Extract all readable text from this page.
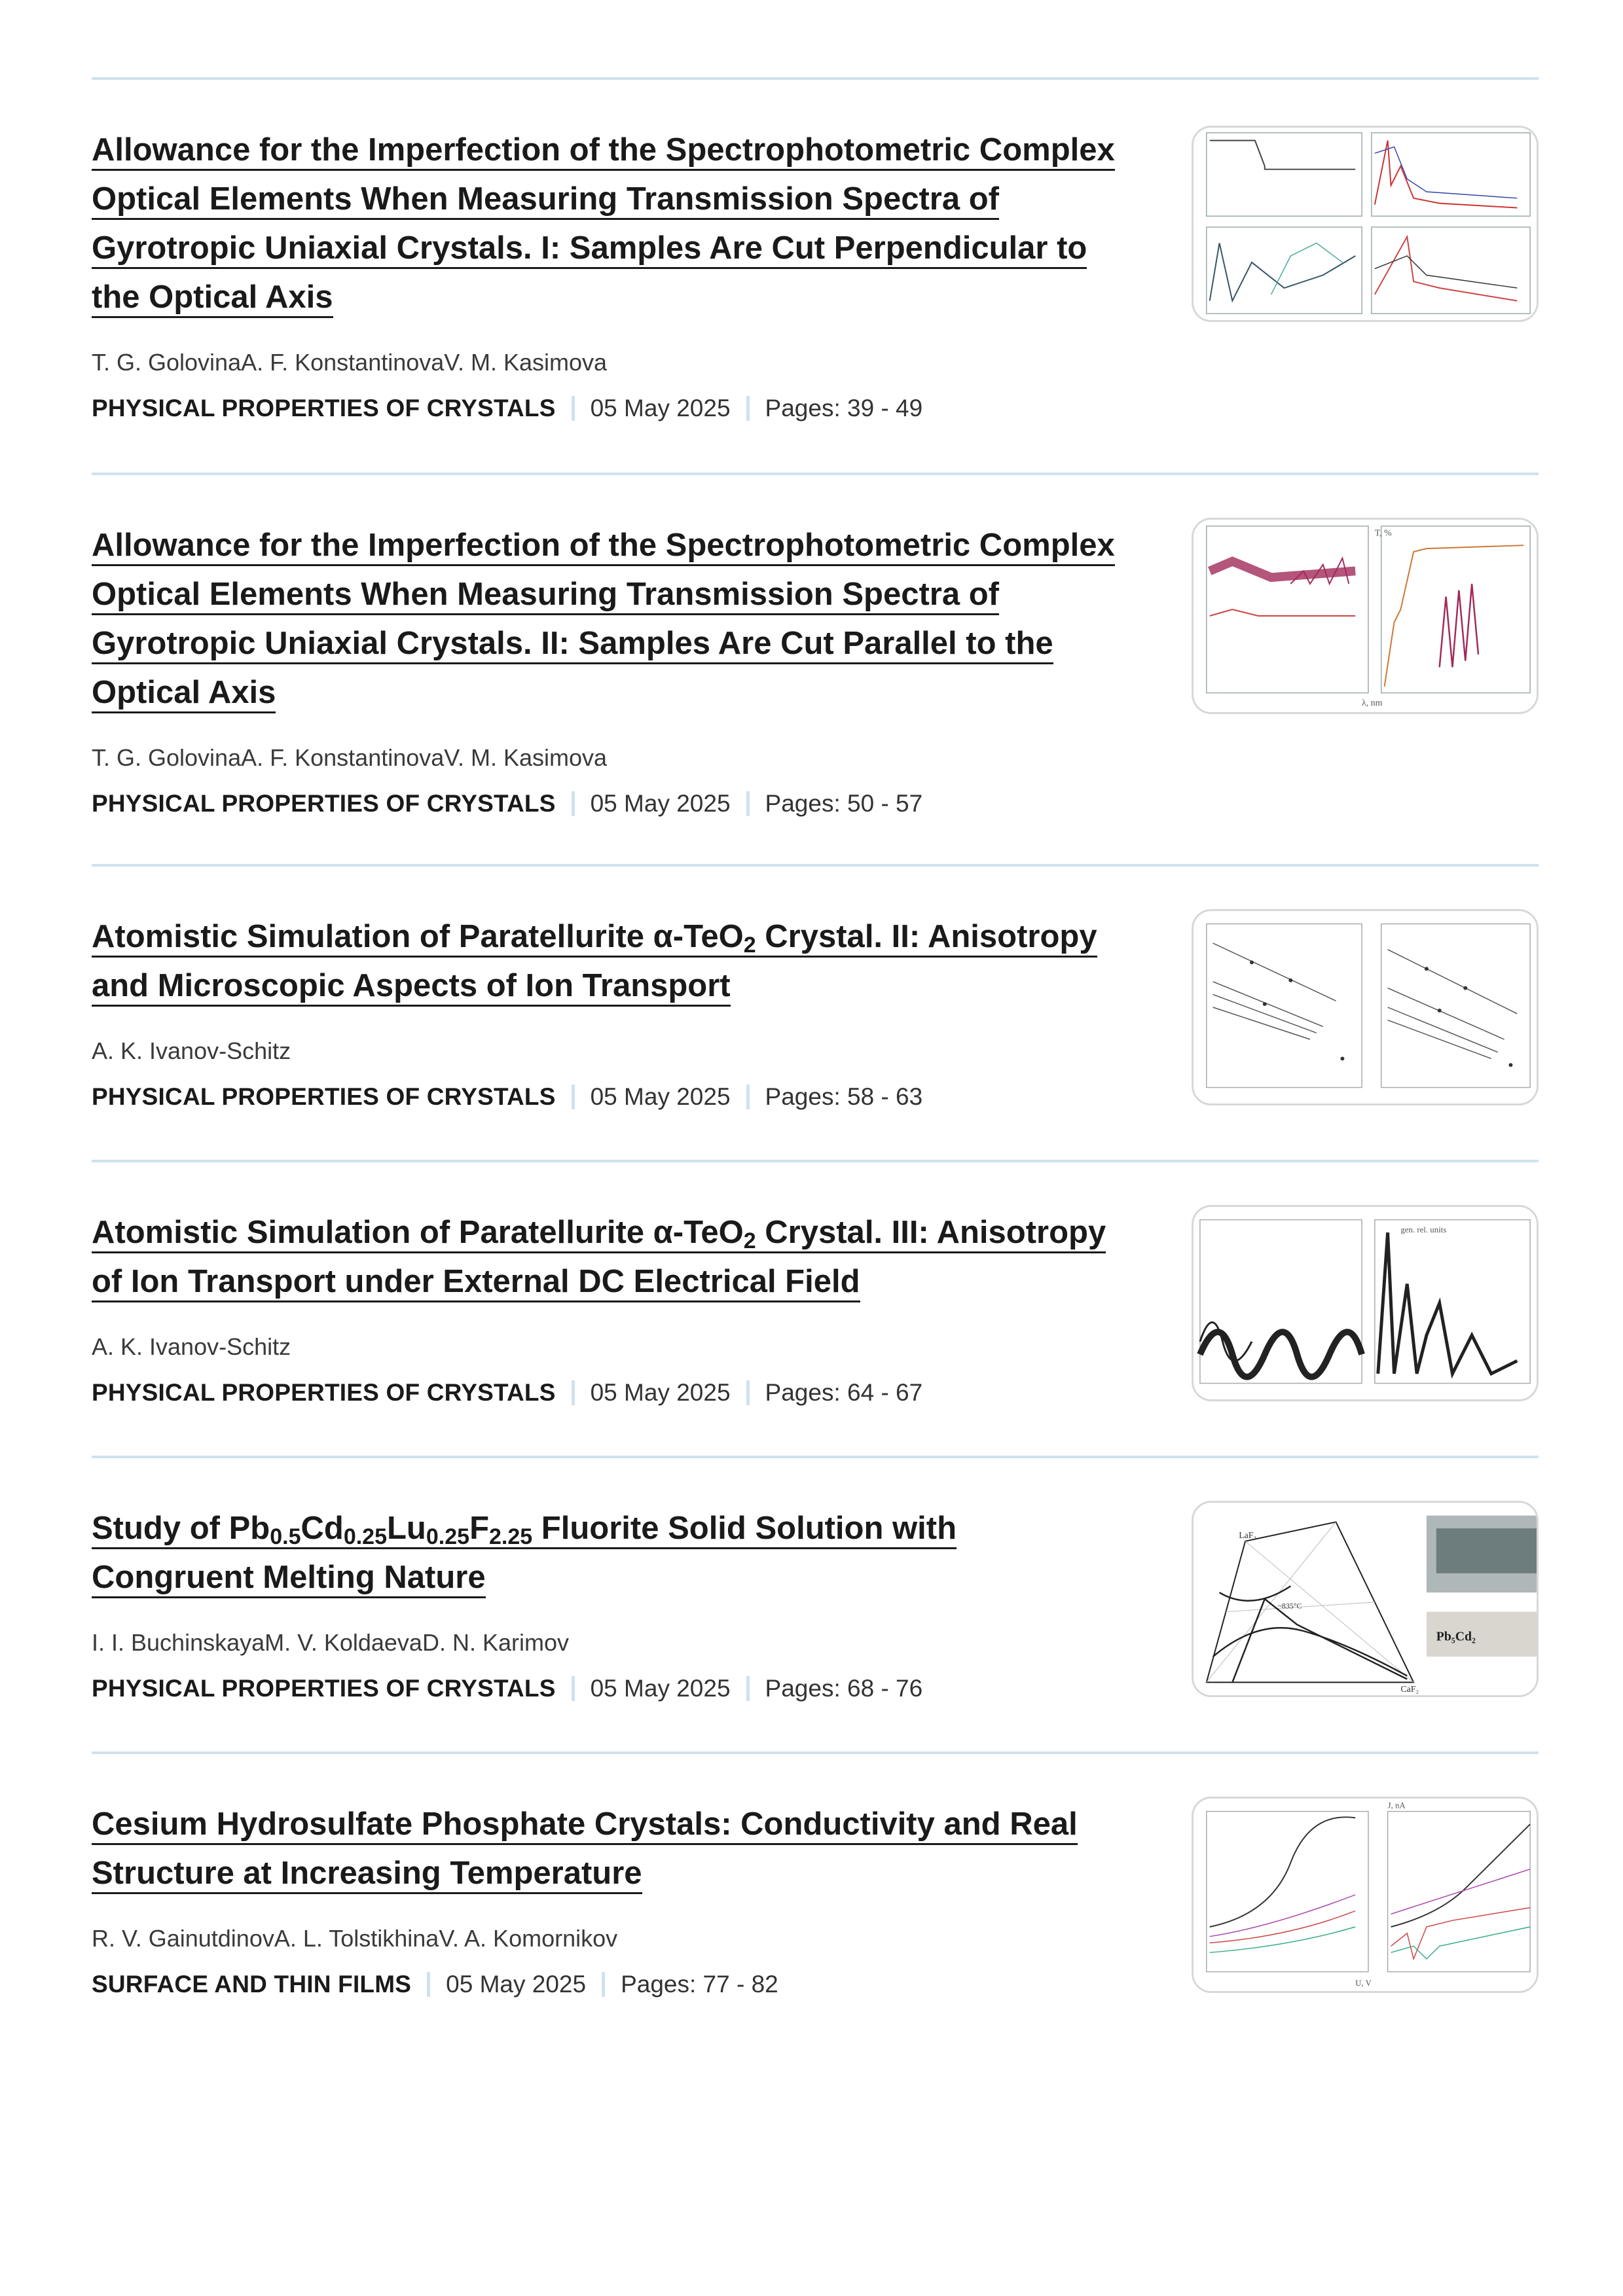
Allowance for the Imperfection of the Spectrophotometric Complex
Optical Elements When Measuring Transmission Spectra of
Gyrotropic Uniaxial Crystals. I: Samples Are Cut Perpendicular to
the Optical Axis
T. G. GolovinaA. F. KonstantinovaV. M. Kasimova
PHYSICAL PROPERTIES OF CRYSTALS 05 May 2025 Pages: 39 - 49
Allowance for the Imperfection of the Spectrophotometric Complex
Optical Elements When Measuring Transmission Spectra of
Gyrotropic Uniaxial Crystals. II: Samples Are Cut Parallel to the
Optical Axis
T. G. GolovinaA. F. KonstantinovaV. M. Kasimova
PHYSICAL PROPERTIES OF CRYSTALS 05 May 2025 Pages: 50 - 57
λ, nm
T, %
Atomistic Simulation of Paratellurite α-TeO$_2$ Crystal. II: Anisotropy
and Microscopic Aspects of Ion Transport
A. K. Ivanov-Schitz
PHYSICAL PROPERTIES OF CRYSTALS 05 May 2025 Pages: 58 - 63
Atomistic Simulation of Paratellurite α-TeO$_2$ Crystal. III: Anisotropy
of Ion Transport under External DC Electrical Field
A. K. Ivanov-Schitz
PHYSICAL PROPERTIES OF CRYSTALS 05 May 2025 Pages: 64 - 67
gen. rel. units
Study of $Pb_{0.5}Cd_{0.25}Lu_{0.25}F_{2.25}$ Fluorite Solid Solution with
Congruent Melting Nature
I. I. BuchinskayaM. V. KoldaevaD. N. Karimov
PHYSICAL PROPERTIES OF CRYSTALS 05 May 2025 Pages: 68 - 76
Pb₅Cd₂
LaF₃
CaF₂
~835°C
Cesium Hydrosulfate Phosphate Crystals: Conductivity and Real
Structure at Increasing Temperature
R. V. GainutdinovA. L. TolstikhinaV. A. Komornikov
SURFACE AND THIN FILMS 05 May 2025 Pages: 77 - 82
J, nA
U, V
